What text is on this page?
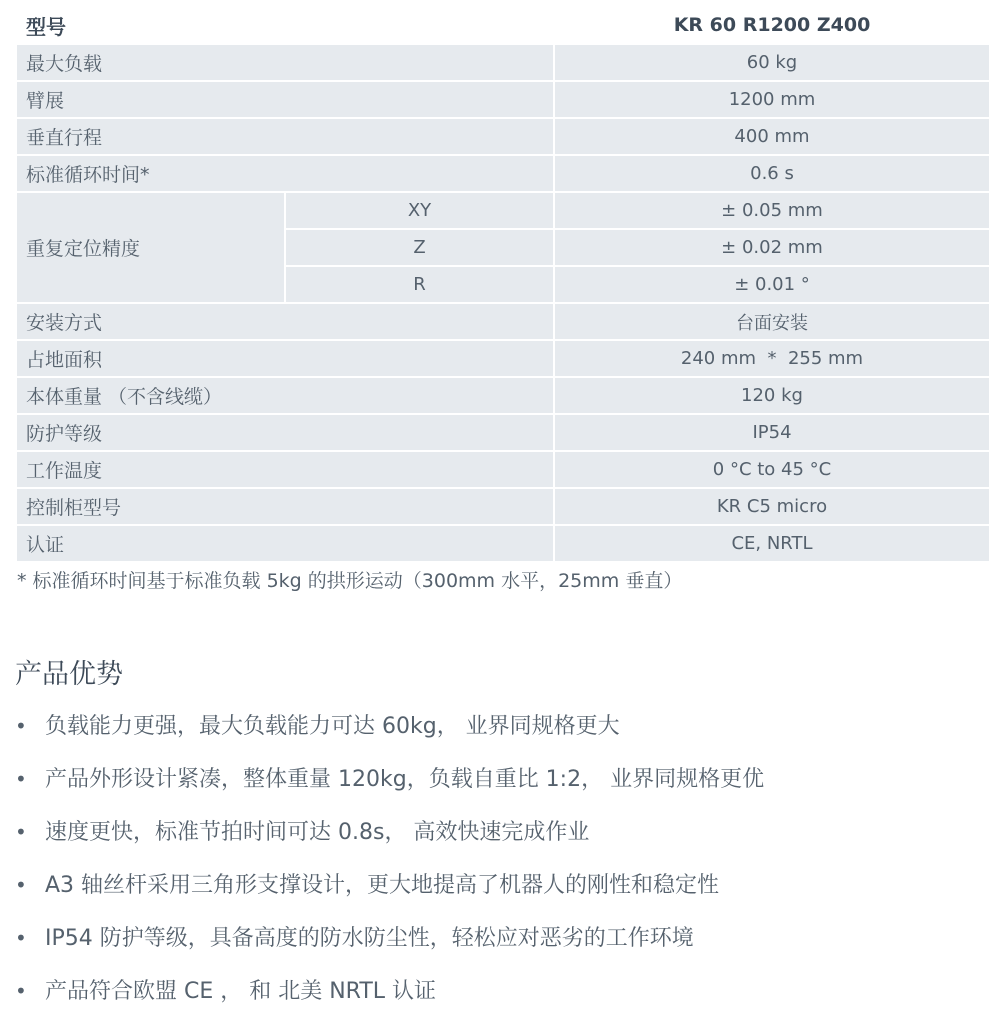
型号		KR 60 R1200 Z400
最大负载		60 kg
臂展		1200 mm
垂直行程		400 mm
标准循环时间*		0.6 s
重复定位精度	XY	± 0.05 mm
	Z	± 0.02 mm
	R	± 0.01 °
安装方式		台面安装
占地面积		240 mm  *  255 mm
本体重量 （不含线缆）		120 kg
防护等级		IP54
工作温度		0 °C to 45 °C
控制柜型号		KR C5 micro
认证		CE, NRTL
* 标准循环时间基于标准负载 5kg 的拱形运动（300mm 水平，25mm 垂直）
产品优势
• 负载能力更强，最大负载能力可达 60kg， 业界同规格更大
• 产品外形设计紧凑，整体重量 120kg，负载自重比 1:2， 业界同规格更优
• 速度更快，标准节拍时间可达 0.8s， 高效快速完成作业
• A3 轴丝杆采用三角形支撑设计，更大地提高了机器人的刚性和稳定性
• IP54 防护等级，具备高度的防水防尘性，轻松应对恶劣的工作环境
• 产品符合欧盟 CE ， 和 北美 NRTL 认证
